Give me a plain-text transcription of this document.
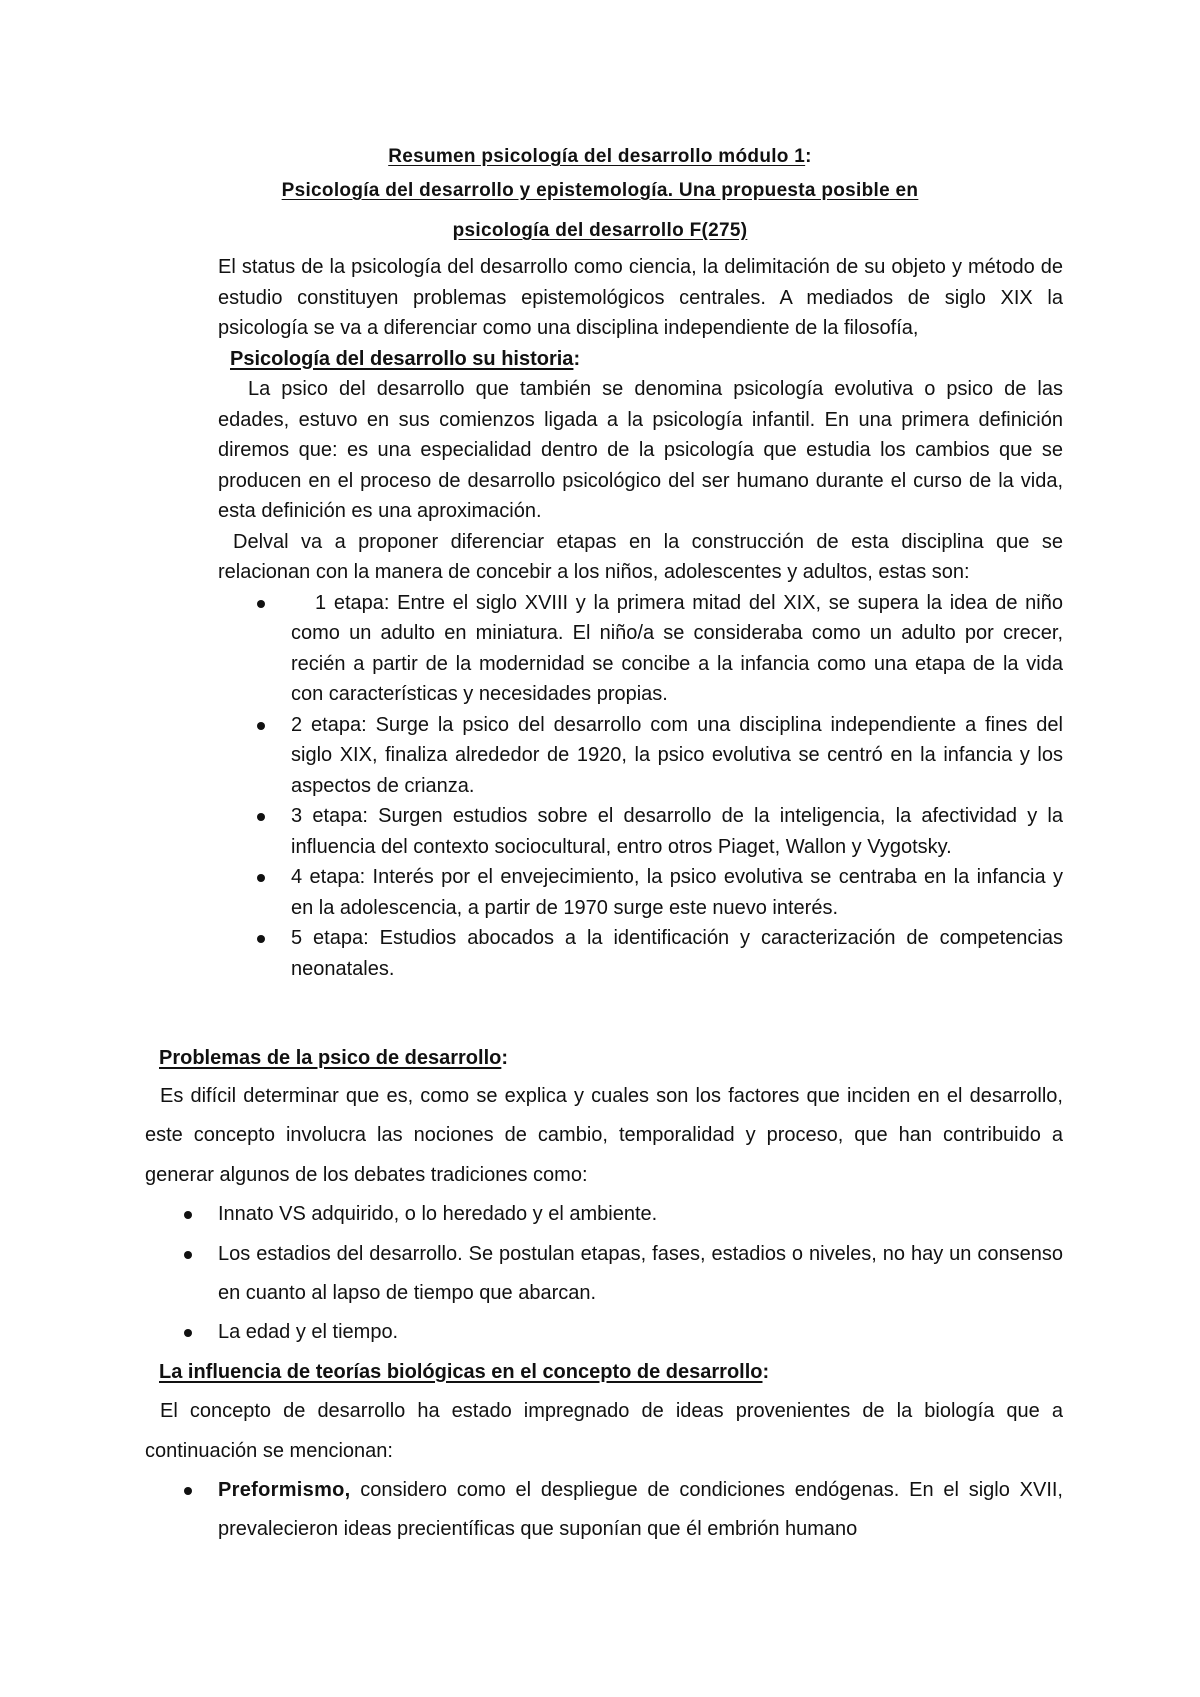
Resumen psicología del desarrollo módulo 1:
Psicología del desarrollo y epistemología. Una propuesta posible en
psicología del desarrollo F(275)

El status de la psicología del desarrollo como ciencia, la delimitación de su objeto y método de estudio constituyen problemas epistemológicos centrales. A mediados de siglo XIX la psicología se va a diferenciar como una disciplina independiente de la filosofía,

Psicología del desarrollo su historia:

La psico del desarrollo que también se denomina psicología evolutiva o psico de las edades, estuvo en sus comienzos ligada a la psicología infantil. En una primera definición diremos que: es una especialidad dentro de la psicología que estudia los cambios que se producen en el proceso de desarrollo psicológico del ser humano durante el curso de la vida, esta definición es una aproximación.

Delval va a proponer diferenciar etapas en la construcción de esta disciplina que se relacionan con la manera de concebir a los niños, adolescentes y adultos, estas son:

1 etapa: Entre el siglo XVIII y la primera mitad del XIX, se supera la idea de niño como un adulto en miniatura. El niño/a se consideraba como un adulto por crecer, recién a partir de la modernidad se concibe a la infancia como una etapa de la vida con características y necesidades propias.
2 etapa: Surge la psico del desarrollo com una disciplina independiente a fines del siglo XIX, finaliza alrededor de 1920, la psico evolutiva se centró en la infancia y los aspectos de crianza.
3 etapa: Surgen estudios sobre el desarrollo de la inteligencia, la afectividad y la influencia del contexto sociocultural, entro otros Piaget, Wallon y Vygotsky.
4 etapa: Interés por el envejecimiento, la psico evolutiva se centraba en la infancia y en la adolescencia, a partir de 1970 surge este nuevo interés.
5 etapa: Estudios abocados a la identificación y caracterización de competencias neonatales.

Problemas de la psico de desarrollo:

Es difícil determinar que es, como se explica y cuales son los factores que inciden en el desarrollo, este concepto involucra las nociones de cambio, temporalidad y proceso, que han contribuido a generar algunos de los debates tradiciones como:

Innato VS adquirido, o lo heredado y el ambiente.
Los estadios del desarrollo. Se postulan etapas, fases, estadios o niveles, no hay un consenso en cuanto al lapso de tiempo que abarcan.
La edad y el tiempo.

La influencia de teorías biológicas en el concepto de desarrollo:

El concepto de desarrollo ha estado impregnado de ideas provenientes de la biología que a continuación se mencionan:

Preformismo, considero como el despliegue de condiciones endógenas. En el siglo XVII, prevalecieron ideas precientíficas que suponían que él embrión humano
